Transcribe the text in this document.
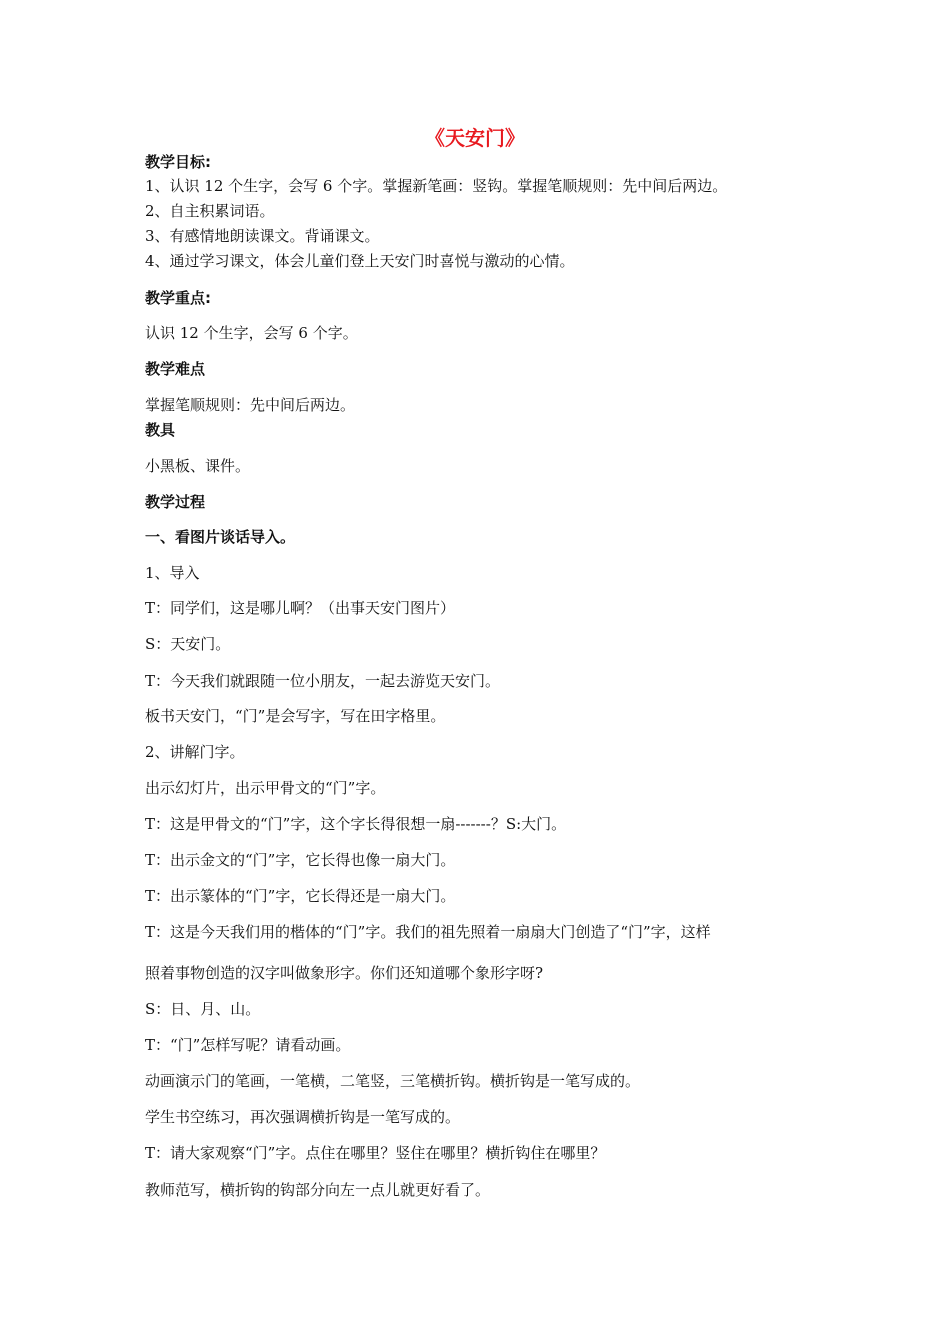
《天安门》

教学目标:

1、认识 12 个生字，会写 6 个字。掌握新笔画：竖钩。掌握笔顺规则：先中间后两边。

2、自主积累词语。

3、有感情地朗读课文。背诵课文。

4、通过学习课文，体会儿童们登上天安门时喜悦与激动的心情。

教学重点:

认识 12 个生字，会写 6 个字。

教学难点

掌握笔顺规则：先中间后两边。

教具

小黑板、课件。

教学过程

一、看图片谈话导入。

1、导入

T：同学们，这是哪儿啊？（出事天安门图片）

S：天安门。

T：今天我们就跟随一位小朋友，一起去游览天安门。

板书天安门，“门”是会写字，写在田字格里。

2、讲解门字。

出示幻灯片，出示甲骨文的“门”字。

T：这是甲骨文的“门”字，这个字长得很想一扇-------？S:大门。

T：出示金文的“门”字，它长得也像一扇大门。

T：出示篆体的“门”字，它长得还是一扇大门。

T：这是今天我们用的楷体的“门”字。我们的祖先照着一扇扇大门创造了“门”字，这样

照着事物创造的汉字叫做象形字。你们还知道哪个象形字呀?

S：日、月、山。

T：“门”怎样写呢？请看动画。

动画演示门的笔画，一笔横，二笔竖，三笔横折钩。横折钩是一笔写成的。

学生书空练习，再次强调横折钩是一笔写成的。

T：请大家观察“门”字。点住在哪里？竖住在哪里？横折钩住在哪里？

教师范写，横折钩的钩部分向左一点儿就更好看了。
